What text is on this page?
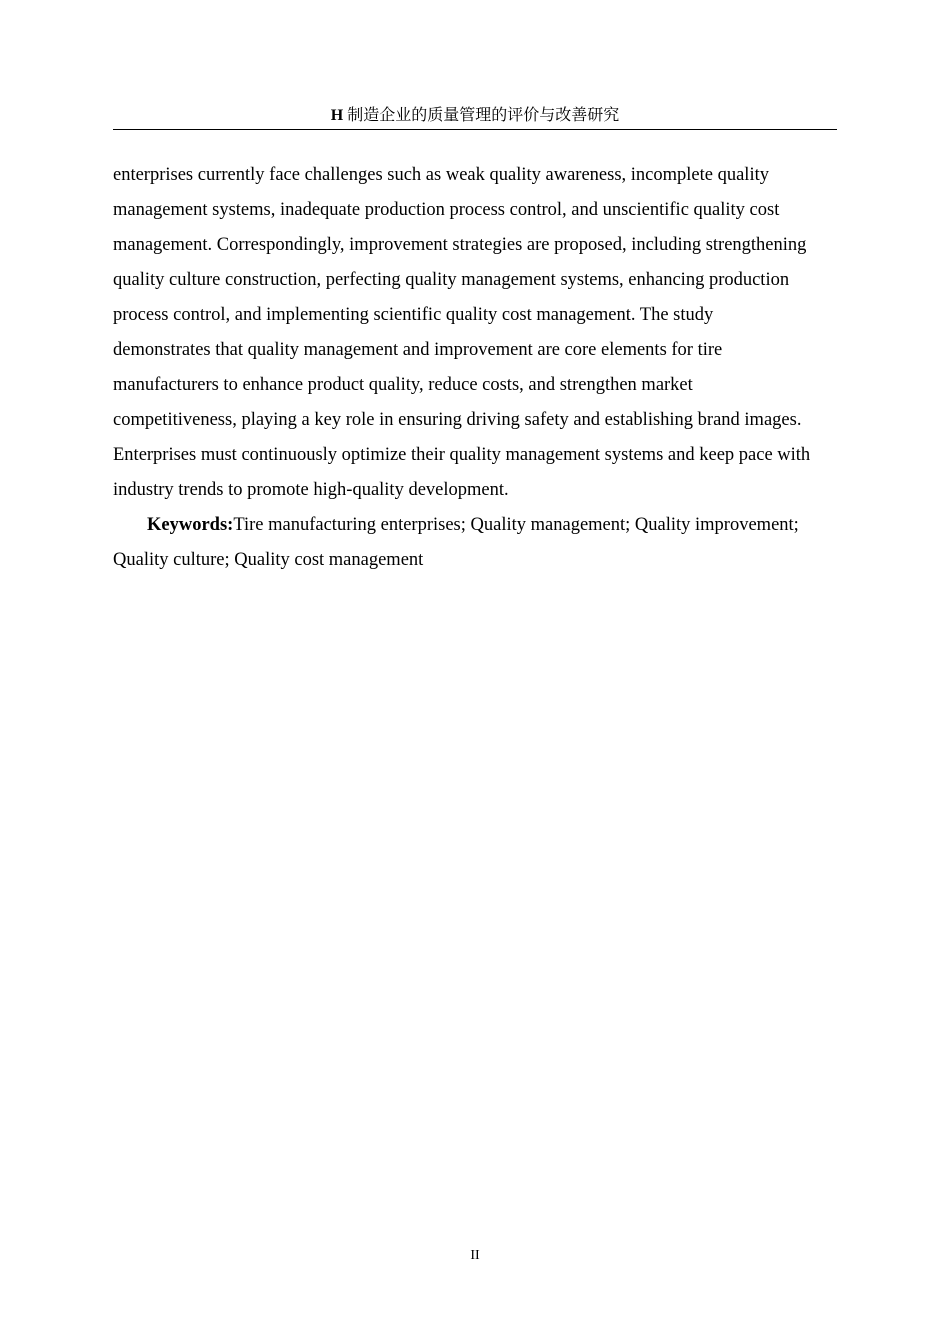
H 制造企业的质量管理的评价与改善研究

enterprises currently face challenges such as weak quality awareness, incomplete quality
management systems, inadequate production process control, and unscientific quality cost
management. Correspondingly, improvement strategies are proposed, including strengthening
quality culture construction, perfecting quality management systems, enhancing production
process control, and implementing scientific quality cost management. The study
demonstrates that quality management and improvement are core elements for tire
manufacturers to enhance product quality, reduce costs, and strengthen market
competitiveness, playing a key role in ensuring driving safety and establishing brand images.
Enterprises must continuously optimize their quality management systems and keep pace with
industry trends to promote high-quality development.

Keywords:Tire manufacturing enterprises; Quality management; Quality improvement;
Quality culture; Quality cost management

II
